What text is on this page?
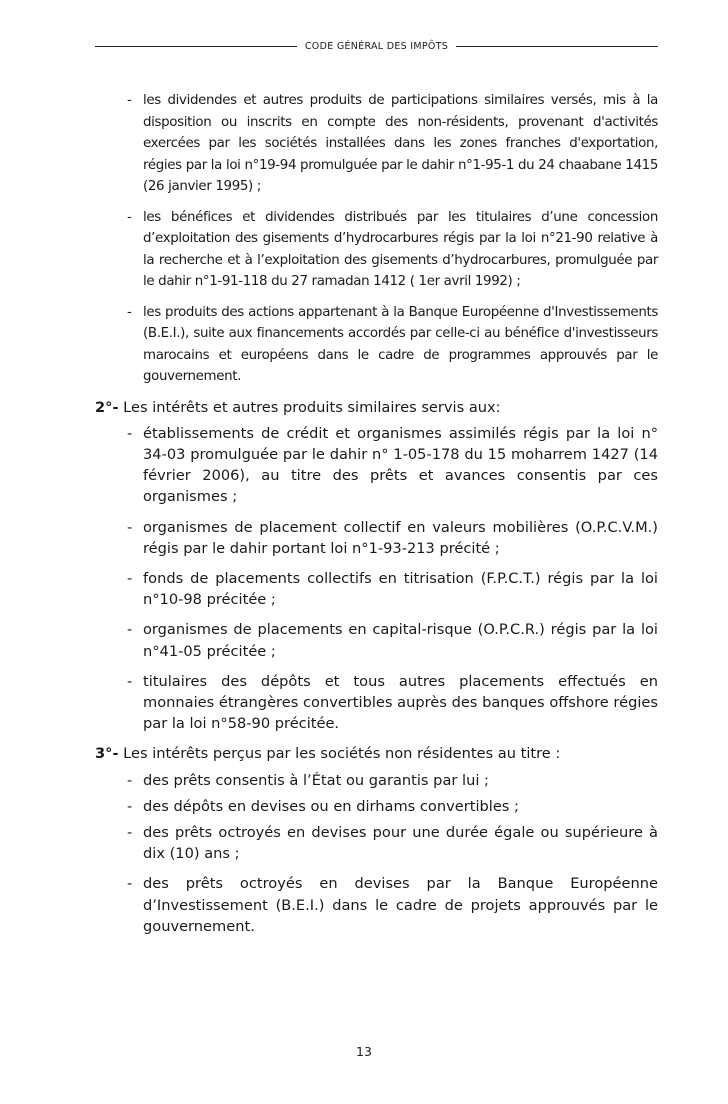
CODE GÉNÉRAL DES IMPÔTS
- les dividendes et autres produits de participations similaires versés, mis à la disposition ou inscrits en compte des non-résidents, provenant d'activités exercées par les sociétés installées dans les zones franches d'exportation, régies par la loi n°19-94 promulguée par le dahir n°1-95-1 du 24 chaabane 1415 (26 janvier 1995) ;
- les bénéfices et dividendes distribués par les titulaires d’une concession d’exploitation des gisements d’hydrocarbures régis par la loi n°21-90 relative à la recherche et à l’exploitation des gisements d’hydrocarbures, promulguée par le dahir n°1-91-118 du 27 ramadan 1412 ( 1er avril 1992) ;
- les produits des actions appartenant à la Banque Européenne d'Investissements (B.E.I.), suite aux financements accordés par celle-ci au bénéfice d'investisseurs marocains et européens dans le cadre de programmes approuvés par le gouvernement.
2°- Les intérêts et autres produits similaires servis aux:
- établissements de crédit et organismes assimilés régis par la loi n° 34-03 promulguée par le dahir n° 1-05-178 du 15 moharrem 1427 (14 février 2006), au titre des prêts et avances consentis par ces organismes ;
- organismes de placement collectif en valeurs mobilières (O.P.C.V.M.) régis par le dahir portant loi n°1-93-213 précité ;
- fonds de placements collectifs en titrisation (F.P.C.T.) régis par la loi n°10-98 précitée ;
- organismes de placements en capital-risque (O.P.C.R.) régis par la loi n°41-05 précitée ;
- titulaires des dépôts et tous autres placements effectués en monnaies étrangères convertibles auprès des banques offshore régies par la loi n°58-90 précitée.
3°- Les intérêts perçus par les sociétés non résidentes au titre :
- des prêts consentis à l’État ou garantis par lui ;
- des dépôts en devises ou en dirhams convertibles ;
- des prêts octroyés en devises pour une durée égale ou supérieure à dix (10) ans ;
- des prêts octroyés en devises par la Banque Européenne d’Investissement (B.E.I.) dans le cadre de projets approuvés par le gouvernement.
13
